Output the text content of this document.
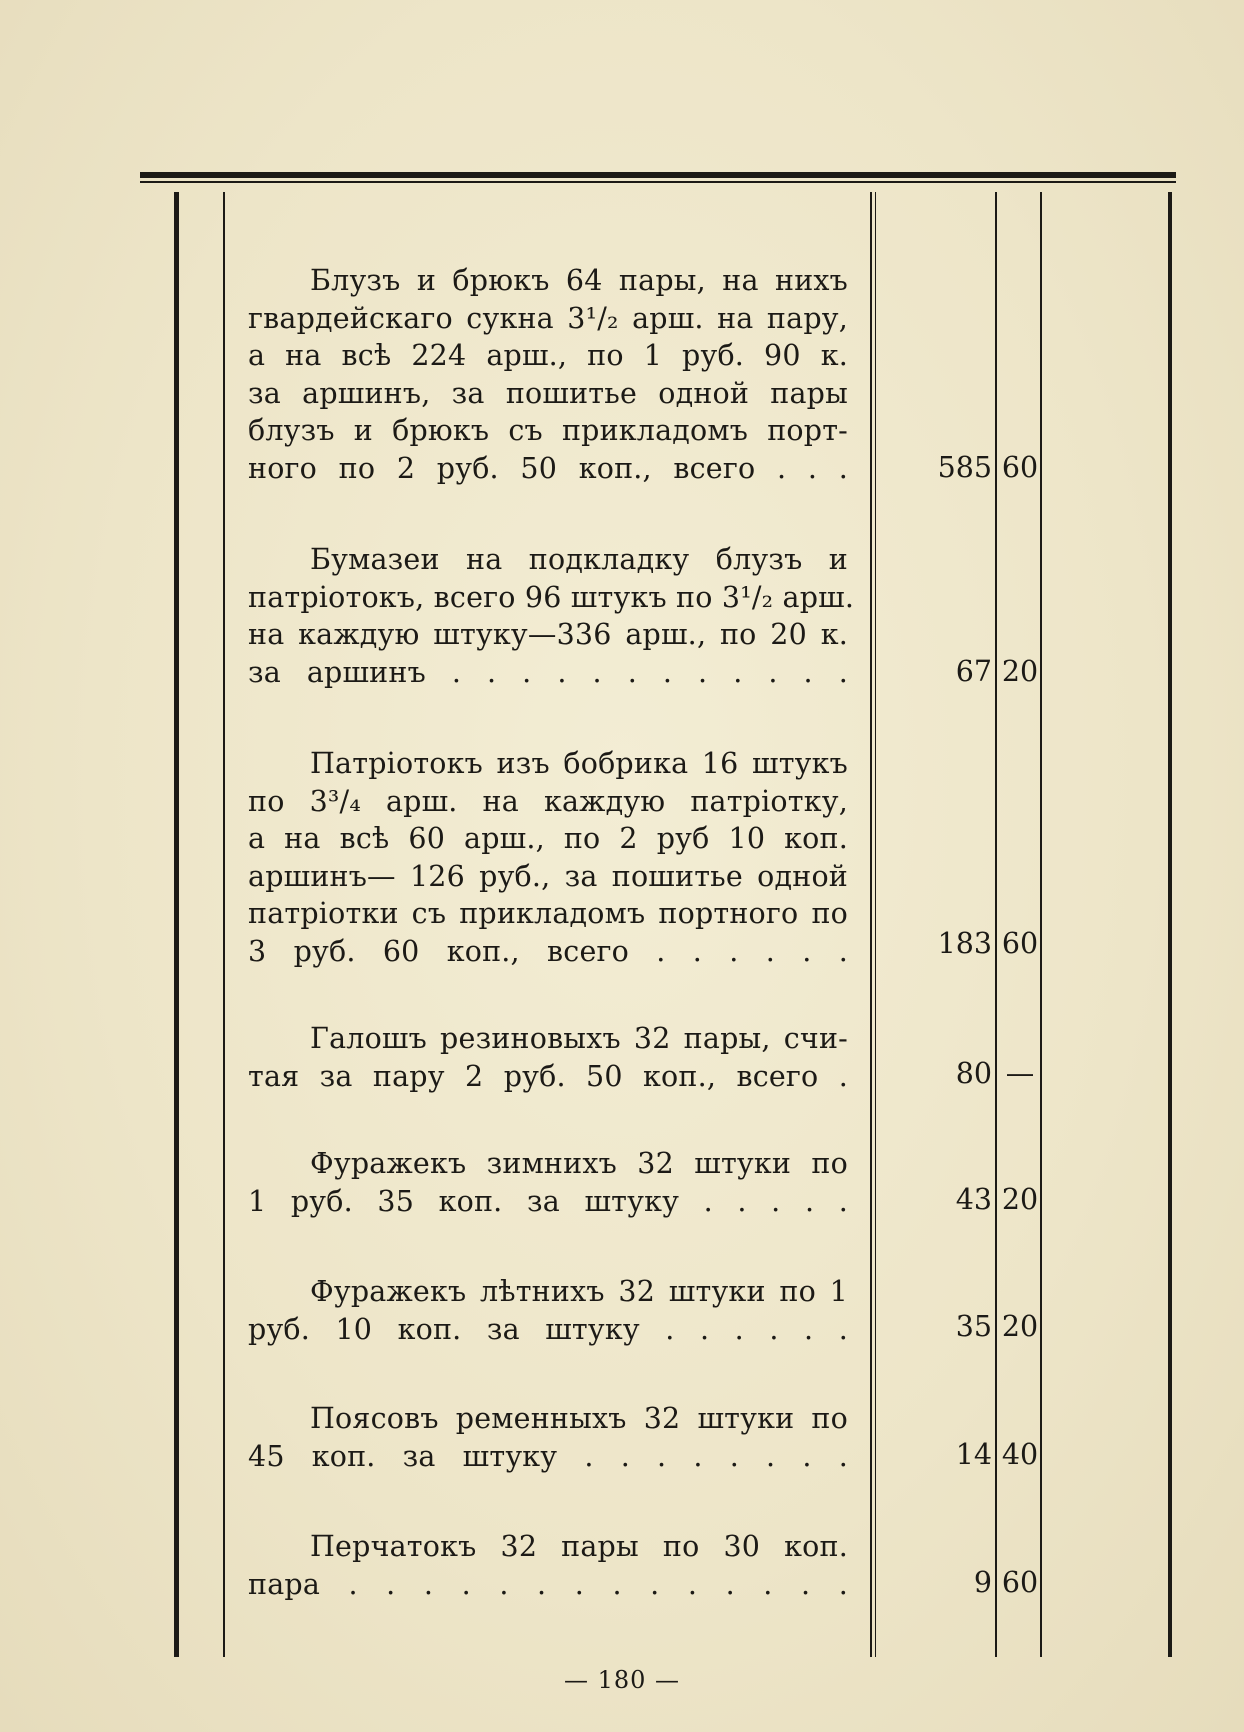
Блузъ и брюкъ 64 пары, на нихъ
гвардейскаго сукна 3¹/₂ арш. на пару,
а на всѣ 224 арш., по 1 руб. 90 к.
за аршинъ, за пошитье одной пары
блузъ и брюкъ съ прикладомъ порт-
ного по 2 руб. 50 коп., всего . . .	585 60
Бумазеи на подкладку блузъ и
патріотокъ, всего 96 штукъ по 3¹/₂ арш.
на каждую штуку—336 арш., по 20 к.
за аршинъ . . . . . . . . . . . .	67 20
Патріотокъ изъ бобрика 16 штукъ
по 3³/₄ арш. на каждую патріотку,
а на всѣ 60 арш., по 2 руб 10 коп.
аршинъ— 126 руб., за пошитье одной
патріотки съ прикладомъ портного по
3 руб. 60 коп., всего . . . . . .	183 60
Галошъ резиновыхъ 32 пары, счи-
тая за пару 2 руб. 50 коп., всего .	80 —
Фуражекъ зимнихъ 32 штуки по
1 руб. 35 коп. за штуку . . . . .	43 20
Фуражекъ лѣтнихъ 32 штуки по 1
руб. 10 коп. за штуку . . . . . .	35 20
Поясовъ ременныхъ 32 штуки по
45 коп. за штуку . . . . . . . .	14 40
Перчатокъ 32 пары по 30 коп.
пара . . . . . . . . . . . . . .	9 60
— 180 —
